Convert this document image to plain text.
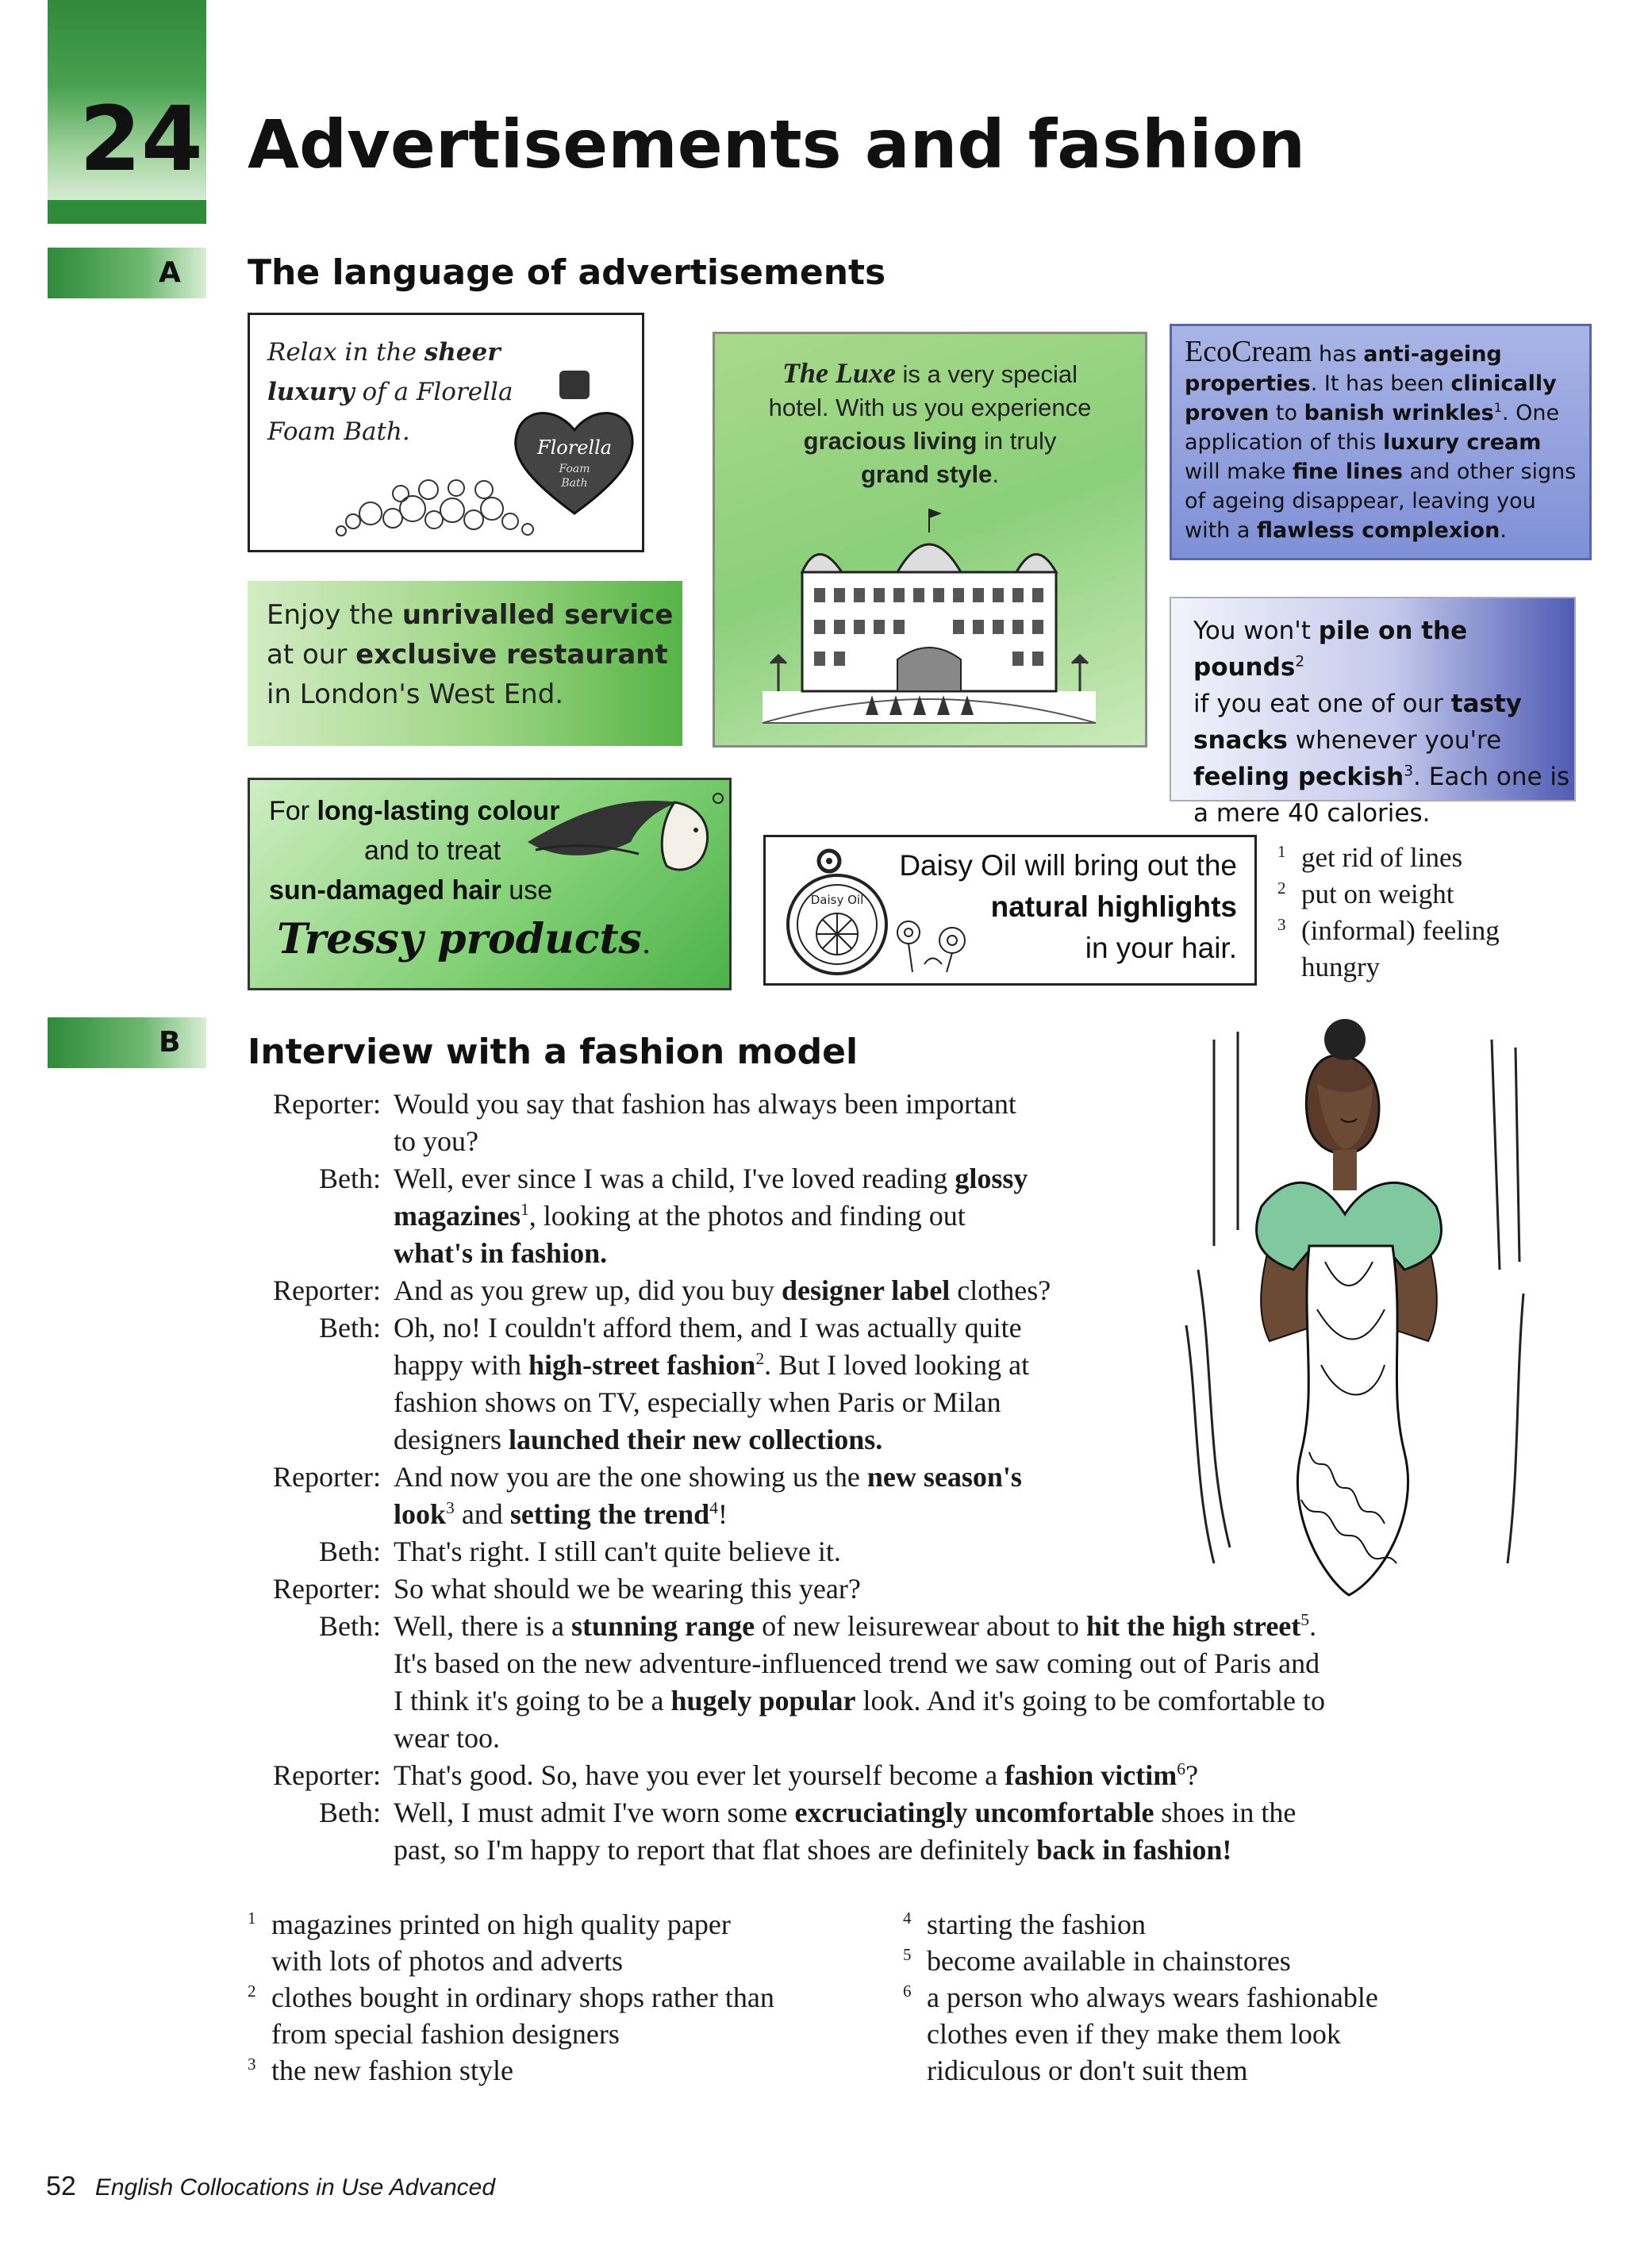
24 Advertisements and fashion
A The language of advertisements
Relax in the sheer
luxury of a Florella
Foam Bath.
Florella
Foam
Bath
The Luxe is a very special
hotel. With us you experience
gracious living in truly
grand style.
EcoCream has anti-ageing properties. It has been clinically proven to banish wrinkles$^1$. One application of this luxury cream will make fine lines and other signs of ageing disappear, leaving you with a flawless complexion.
Enjoy the unrivalled service
at our exclusive restaurant
in London's West End.
You won't pile on the pounds$^2$
if you eat one of our tasty
snacks whenever you're
feeling peckish$^3$. Each one is
a mere 40 calories.
For long-lasting colour
and to treat
sun-damaged hair use
Tressy products.
Daisy Oil
Daisy Oil will bring out the
natural highlights
in your hair.
1 get rid of lines
2 put on weight
3 (informal) feeling hungry
B Interview with a fashion model
Reporter: Would you say that fashion has always been important
to you?
Beth: Well, ever since I was a child, I've loved reading glossy
magazines$^1$, looking at the photos and finding out
what's in fashion.
Reporter: And as you grew up, did you buy designer label clothes?
Beth: Oh, no! I couldn't afford them, and I was actually quite
happy with high-street fashion$^2$. But I loved looking at
fashion shows on TV, especially when Paris or Milan
designers launched their new collections.
Reporter: And now you are the one showing us the new season's
look$^3$ and setting the trend$^4$!
Beth: That's right. I still can't quite believe it.
Reporter: So what should we be wearing this year?
Beth: Well, there is a stunning range of new leisurewear about to hit the high street$^5$.
It's based on the new adventure-influenced trend we saw coming out of Paris and
I think it's going to be a hugely popular look. And it's going to be comfortable to
wear too.
Reporter: That's good. So, have you ever let yourself become a fashion victim$^6$?
Beth: Well, I must admit I've worn some excruciatingly uncomfortable shoes in the
past, so I'm happy to report that flat shoes are definitely back in fashion!
1 magazines printed on high quality paper
with lots of photos and adverts
2 clothes bought in ordinary shops rather than
from special fashion designers
3 the new fashion style
4 starting the fashion
5 become available in chainstores
6 a person who always wears fashionable
clothes even if they make them look
ridiculous or don't suit them
52 English Collocations in Use Advanced
